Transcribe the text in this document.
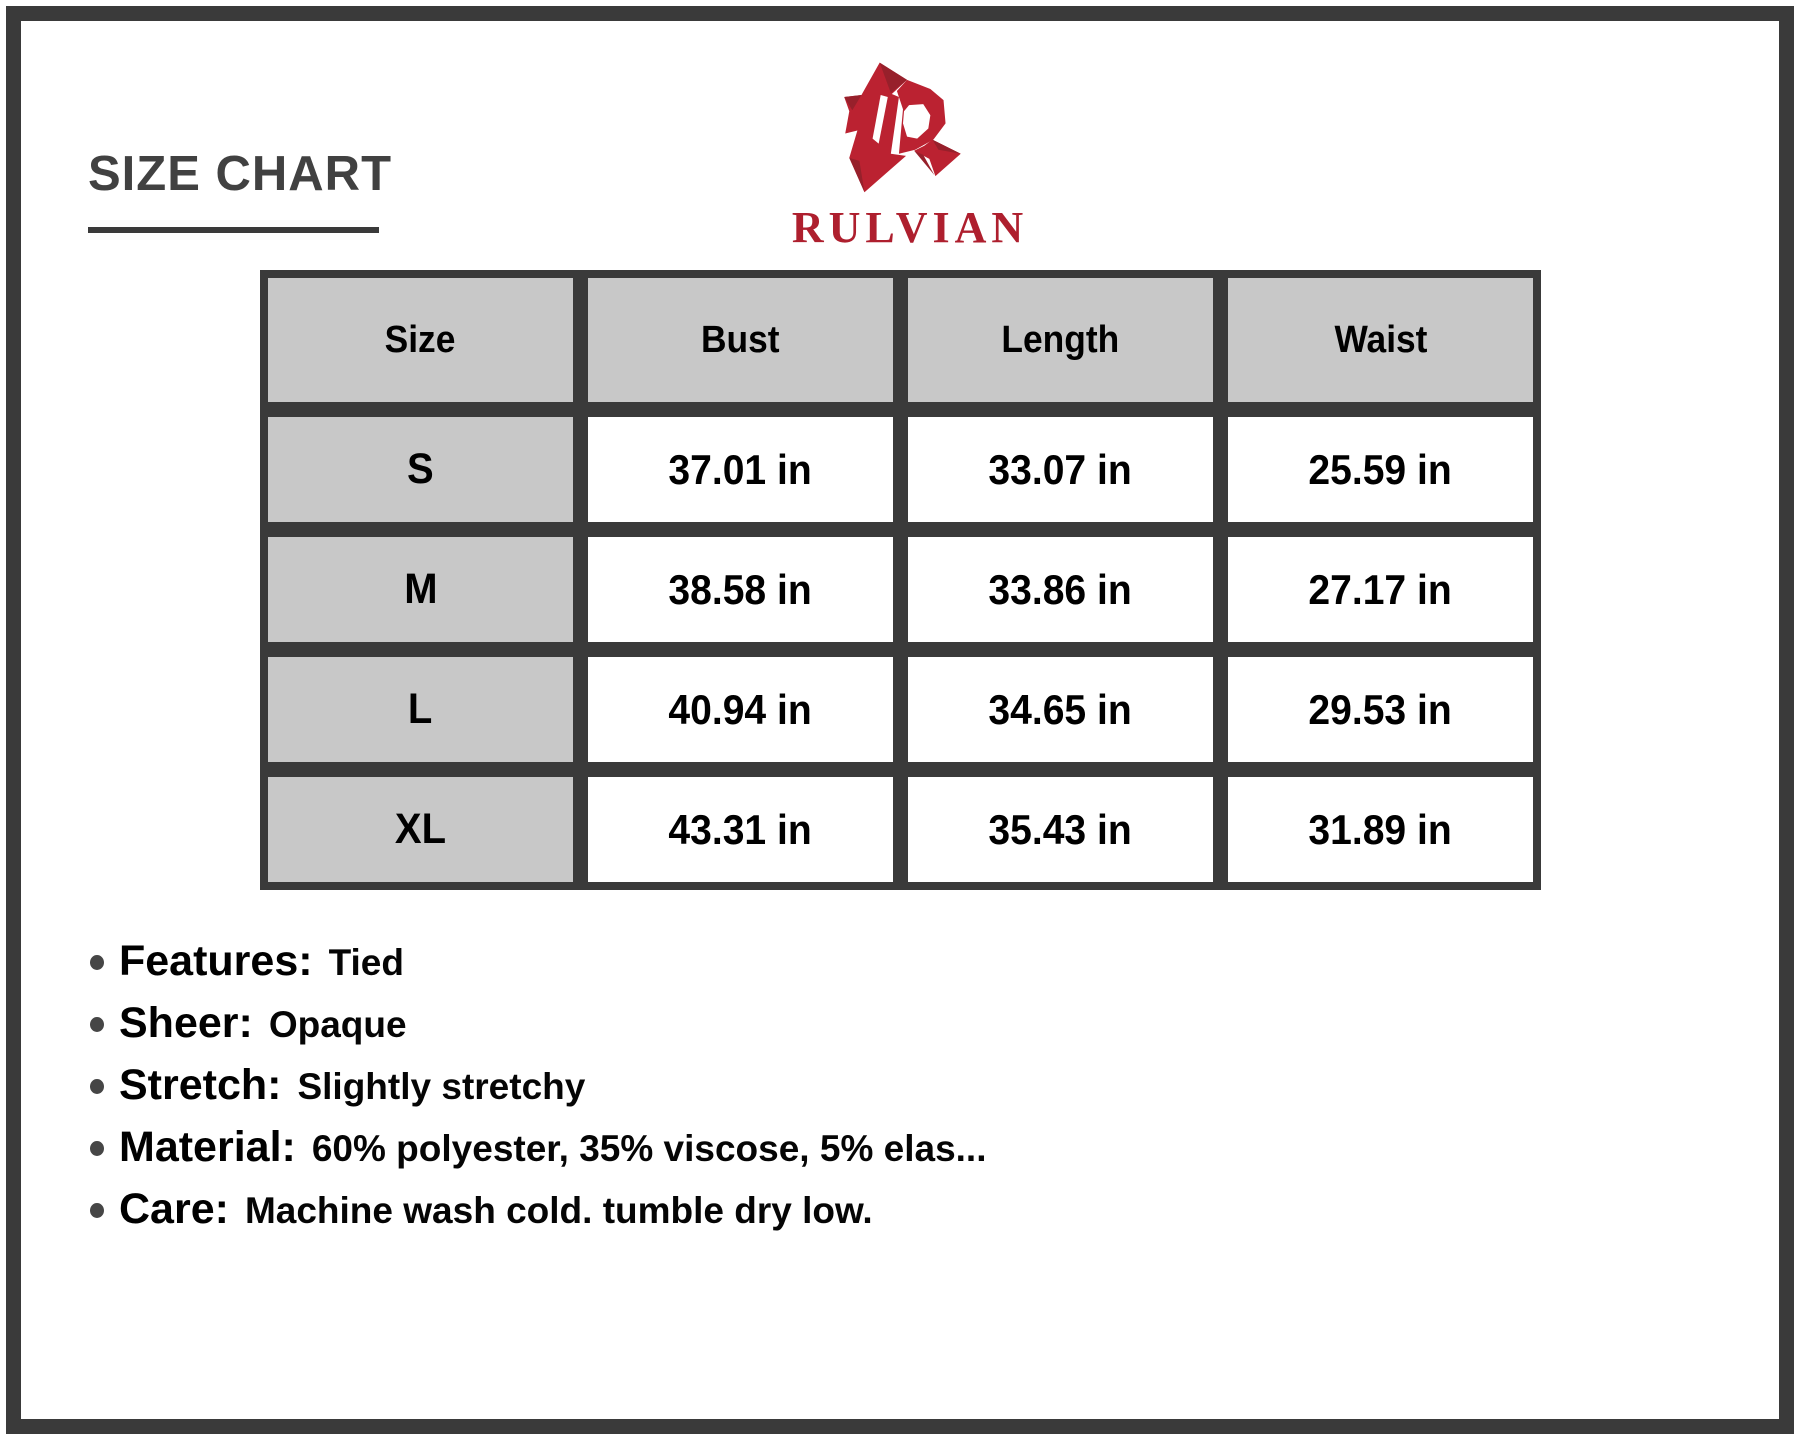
SIZE CHART
RULVIAN
Size	Bust	Length	Waist
S	37.01 in	33.07 in	25.59 in
M	38.58 in	33.86 in	27.17 in
L	40.94 in	34.65 in	29.53 in
XL	43.31 in	35.43 in	31.89 in
Features: Tied
Sheer: Opaque
Stretch: Slightly stretchy
Material: 60% polyester, 35% viscose, 5% elas...
Care: Machine wash cold. tumble dry low.
